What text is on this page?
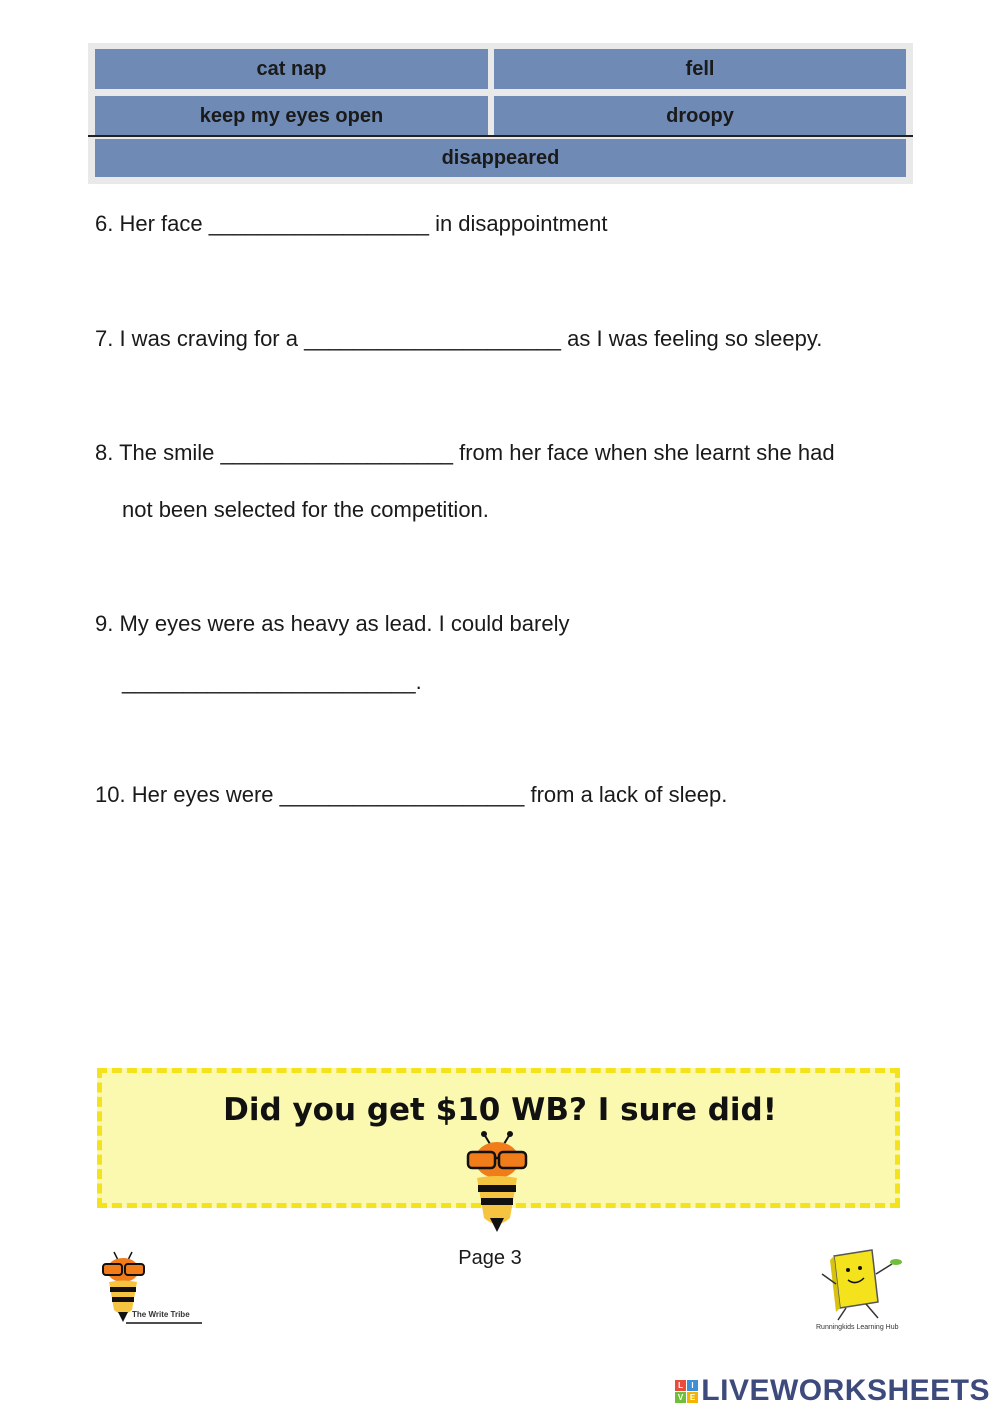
cat nap	fell
keep my eyes open	droopy
disappeared
6. Her face __________________ in disappointment
7. I was craving for a _____________________ as I was feeling so sleepy.
8. The smile ___________________ from her face when she learnt she had
not been selected for the competition.
9. My eyes were as heavy as lead. I could barely
________________________.
10. Her eyes were ____________________ from a lack of sleep.
Did you get $10 WB? I sure did!
Page 3
The Write Tribe
Runningkids Learning Hub
L I
V E LIVEWORKSHEETS
